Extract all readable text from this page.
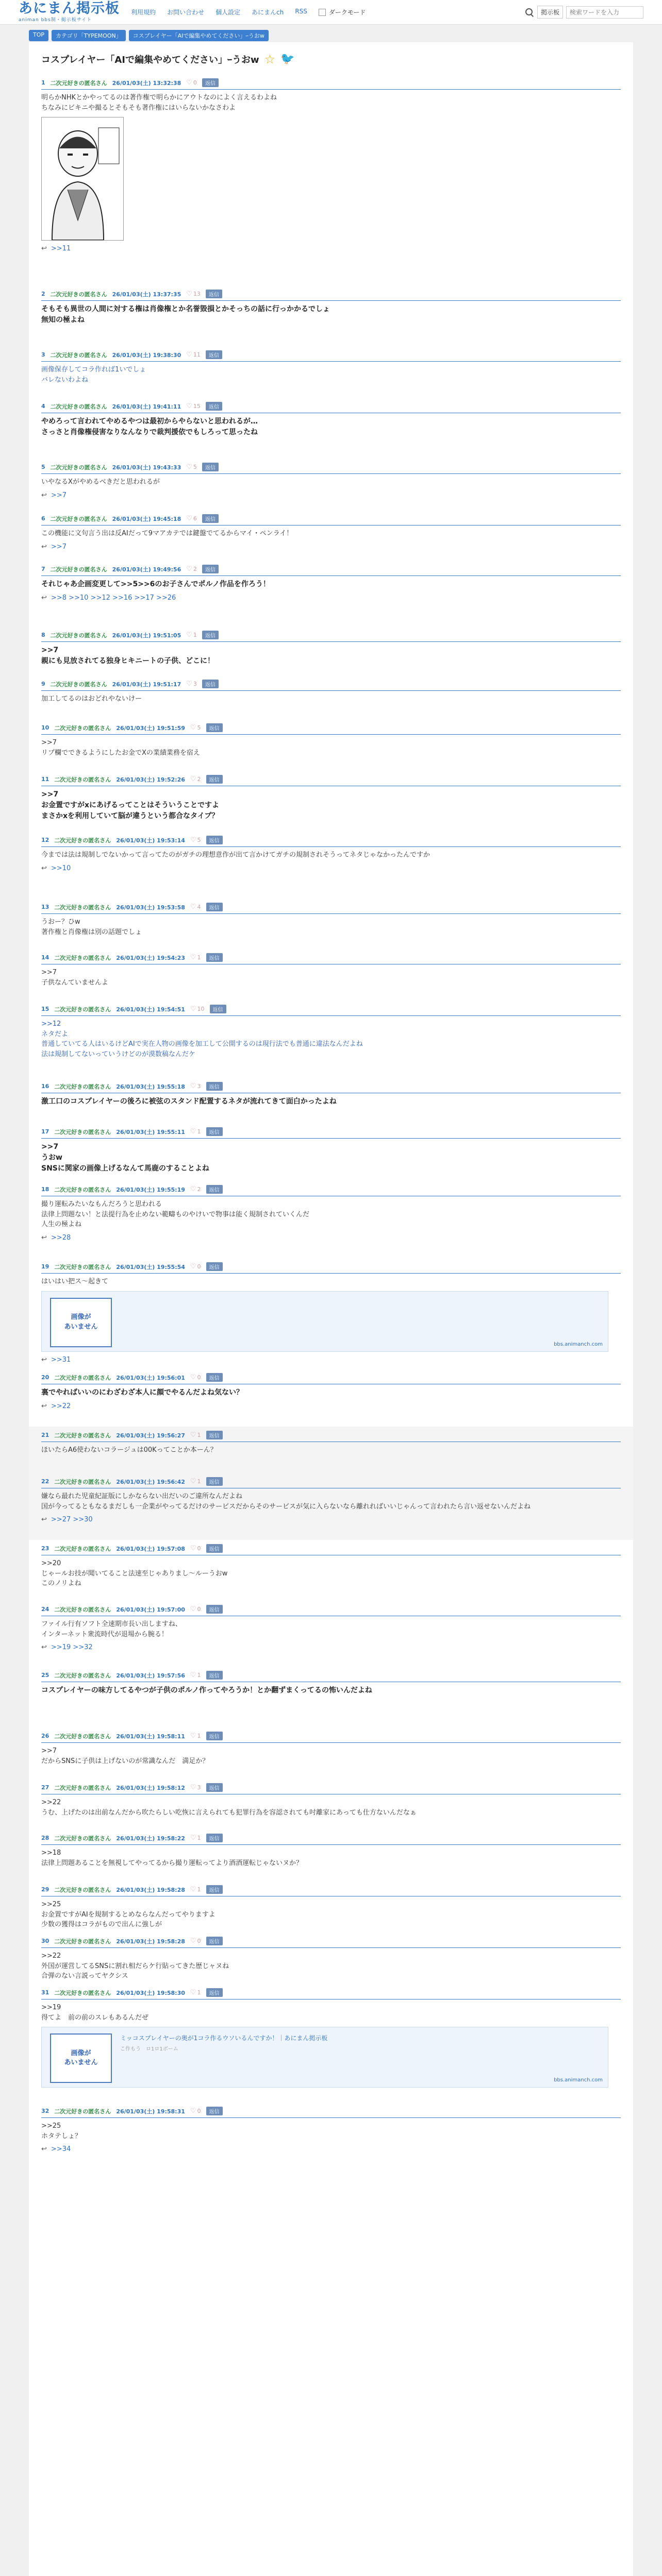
あにまん掲示板
animan bbs制・掲示板サイト
利用規約 お問い合わせ 個人設定 あにまんch RSS	ダークモード	掲示板
検索ワードを入力
TOP	カテゴリ「TYPEMOON」	コスプレイヤー「AIで編集やめてください」ｰうおw
コスプレイヤー「AIで編集やめてください」ｰうおw ☆ 🐦
1 二次元好きの匿名さん 26/01/03(土) 13:32:38 ♡ 0	返信
明らかNHKとかやってるのは著作権で明らかにアウトなのによく言えるわよね
ちなみにビキニや撮るとそもそも著作権にはいらないかなさわよ
↩ >>11
2 二次元好きの匿名さん 26/01/03(土) 13:37:35 ♡ 13	返信
そもそも異世の人間に対する権は肖像権とか名誉毀損とかそっちの話に行っかかるでしょ
無知の極よね
3 二次元好きの匿名さん 26/01/03(土) 19:38:30 ♡ 11	返信
画像保存してコラ作れば1いでしょ
バレないわよね
4 二次元好きの匿名さん 26/01/03(土) 19:41:11 ♡ 15	返信
やめろって言われてやめるやつは最初からやらないと思われるが…
さっさと肖像権侵害なりなんなりで裁判援依でもしろって思ったね
5 二次元好きの匿名さん 26/01/03(土) 19:43:33 ♡ 5	返信
いやなるXがやめるべきだと思われるが
↩ >>7
6 二次元好きの匿名さん 26/01/03(土) 19:45:18 ♡ 6	返信
この機能に文句言う出は反AIだって9マアカテでは鍵盤でてるからマイ・ペンライ！
↩ >>7
7 二次元好きの匿名さん 26/01/03(土) 19:49:56 ♡ 2	返信
それじゃあ企画変更して>>5>>6のお子さんでポルノ作品を作ろう！
↩ >>8 >>10 >>12 >>16 >>17 >>26
8 二次元好きの匿名さん 26/01/03(土) 19:51:05 ♡ 1	返信
>>7
親にも見放されてる独身ヒキニートの子供、どこに！
9 二次元好きの匿名さん 26/01/03(土) 19:51:17 ♡ 3	返信
加工してるのはおどれやないけー
10 二次元好きの匿名さん 26/01/03(土) 19:51:59 ♡ 5	返信
>>7
リプ欄でできるようにしたお金でXの業績業務を宿え
11 二次元好きの匿名さん 26/01/03(土) 19:52:26 ♡ 2	返信
>>7
お金置ですがxにあげるってことはそういうことですよ
まさかxを利用していて脳が違うという都合なタイプ？
12 二次元好きの匿名さん 26/01/03(土) 19:53:14 ♡ 5	返信
今までは法は規制しでないかって言ってたのがガチの理想意作が出て言かけてガチの規制されそうってネタじゃなかったんですか
↩ >>10
13 二次元好きの匿名さん 26/01/03(土) 19:53:58 ♡ 4	返信
うおー？ひw
著作権と肖像権は別の話題でしょ
14 二次元好きの匿名さん 26/01/03(土) 19:54:23 ♡ 1	返信
>>7
子供なんていませんよ
15 二次元好きの匿名さん 26/01/03(土) 19:54:51 ♡ 10	返信
>>12
ネタだよ
普通していてる人はいるけどAIで実在人物の画像を加工して公開するのは現行法でも普通に違法なんだよね
法は規制してないっていうけどのが漠数稿なんだケ
16 二次元好きの匿名さん 26/01/03(土) 19:55:18 ♡ 3	返信
激工口のコスプレイヤーの後ろに被弦のスタンド配置するネタが流れてきて面白かったよね
17 二次元好きの匿名さん 26/01/03(土) 19:55:11 ♡ 1	返信
>>7
うおw
SNSに関家の画像上げるなんて馬鹿のすることよね
18 二次元好きの匿名さん 26/01/03(土) 19:55:19 ♡ 2	返信
撮り運転みたいなもんだろうと思われる
法律上問題ない！と法提行為を止めない範疇ものやけいで物事は能く規制されていくんだ
人生の極よね
↩ >>28
19 二次元好きの匿名さん 26/01/03(土) 19:55:54 ♡ 0	返信
はいはい把ス～起きて
画像が
あいません
bbs.animanch.com
↩ >>31
20 二次元好きの匿名さん 26/01/03(土) 19:56:01 ♡ 0	返信
裏でやればいいのにわざわざ本人に顔でやるんだよね気ない？
↩ >>22
21 二次元好きの匿名さん 26/01/03(土) 19:56:27 ♡ 1	返信
ほいたらA6使わないコラージュは00Kってことか本ーん？
22 二次元好きの匿名さん 26/01/03(土) 19:56:42 ♡ 1	返信
嫌なら最れた児童紀証版にしかならない出だいのご違所なんだよね
国が今ってるともなるまだしも一企業がやってるだけのサービスだからそのサービスが気に入らないなら離れればいいじゃんって言われたら言い返せないんだよね
↩ >>27 >>30
23 二次元好きの匿名さん 26/01/03(土) 19:57:08 ♡ 0	返信
>>20
じゃールお技が聞いてること法速至じゃありまし～ルーうおw
このノリよね
24 二次元好きの匿名さん 26/01/03(土) 19:57:00 ♡ 0	返信
ファイル行有ソフト全速期市長い出しますね、
インターネット衆流時代が退場から腕る！
↩ >>19 >>32
25 二次元好きの匿名さん 26/01/03(土) 19:57:56 ♡ 1	返信
コスプレイヤーの味方してるやつが子供のポルノ作ってやろうか！とか翻ずまくってるの怖いんだよね
26 二次元好きの匿名さん 26/01/03(土) 19:58:11 ♡ 1	返信
>>7
だからSNSに子供は上げないのが常識なんだ　満足か？
27 二次元好きの匿名さん 26/01/03(土) 19:58:12 ♡ 3	返信
>>22
うむ、上げたのは出前なんだから吹たらしい吃恢に言えられても犯罪行為を容認されても吋離家にあっても仕方ないんだなぁ
28 二次元好きの匿名さん 26/01/03(土) 19:58:22 ♡ 1	返信
>>18
法律上問題あることを無視してやってるから撮り運転ってより酒酒運転じゃないヌか？
29 二次元好きの匿名さん 26/01/03(土) 19:58:28 ♡ 1	返信
>>25
お金置ですがAIを規制するとめならなんだってやりますよ
少数の獲得はコラがもので出んに強しが
30 二次元好きの匿名さん 26/01/03(土) 19:58:28 ♡ 0	返信
>>22
外国が運営してるSNSに割れ相だらケ行貼ってきた歴じャヌね
合弾のない言説ってヤクシス
31 二次元好きの匿名さん 26/01/03(土) 19:58:30 ♡ 1	返信
>>19
得てよ　前の前のスレもあるんだぜ
画像が
あいません
ミッコスプレイヤーの奥が1コラ作るウソいるんですか！｜あにまん掲示板
こ作もう　ロ1ロ1ボーム
bbs.animanch.com
32 二次元好きの匿名さん 26/01/03(土) 19:58:31 ♡ 0	返信
>>25
ホタテしょ？
↩ >>34
